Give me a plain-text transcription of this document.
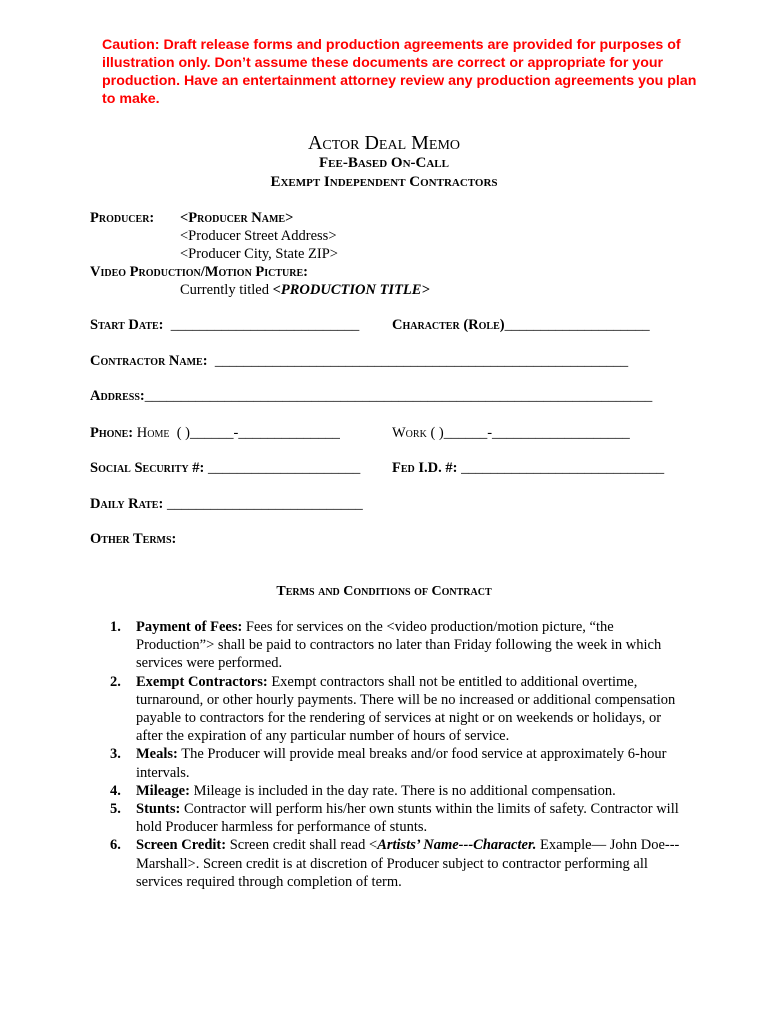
Caution: Draft release forms and production agreements are provided for purposes of illustration only. Don’t assume these documents are correct or appropriate for your production. Have an entertainment attorney review any production agreements you plan to make.
Actor Deal Memo
Fee-Based On-Call
Exempt Independent Contractors
Producer: <Producer Name>
<Producer Street Address>
<Producer City, State ZIP>
Video Production/Motion Picture:
Currently titled <PRODUCTION TITLE>
Start Date: __________________________ Character (Role)____________________
Contractor Name: _________________________________________________________
Address:______________________________________________________________________
Phone: Home ( )______-______________	Work ( )______-___________________
Social Security #: _____________________ Fed I.D. #: ____________________________
Daily Rate: ___________________________
Other Terms:
Terms and Conditions of Contract
1. Payment of Fees: Fees for services on the <video production/motion picture, “the Production”> shall be paid to contractors no later than Friday following the week in which services were performed.
2. Exempt Contractors: Exempt contractors shall not be entitled to additional overtime, turnaround, or other hourly payments. There will be no increased or additional compensation payable to contractors for the rendering of services at night or on weekends or holidays, or after the expiration of any particular number of hours of service.
3. Meals: The Producer will provide meal breaks and/or food service at approximately 6-hour intervals.
4. Mileage: Mileage is included in the day rate. There is no additional compensation.
5. Stunts: Contractor will perform his/her own stunts within the limits of safety. Contractor will hold Producer harmless for performance of stunts.
6. Screen Credit: Screen credit shall read <Artists’ Name---Character. Example— John Doe---Marshall>. Screen credit is at discretion of Producer subject to contractor performing all services required through completion of term.
